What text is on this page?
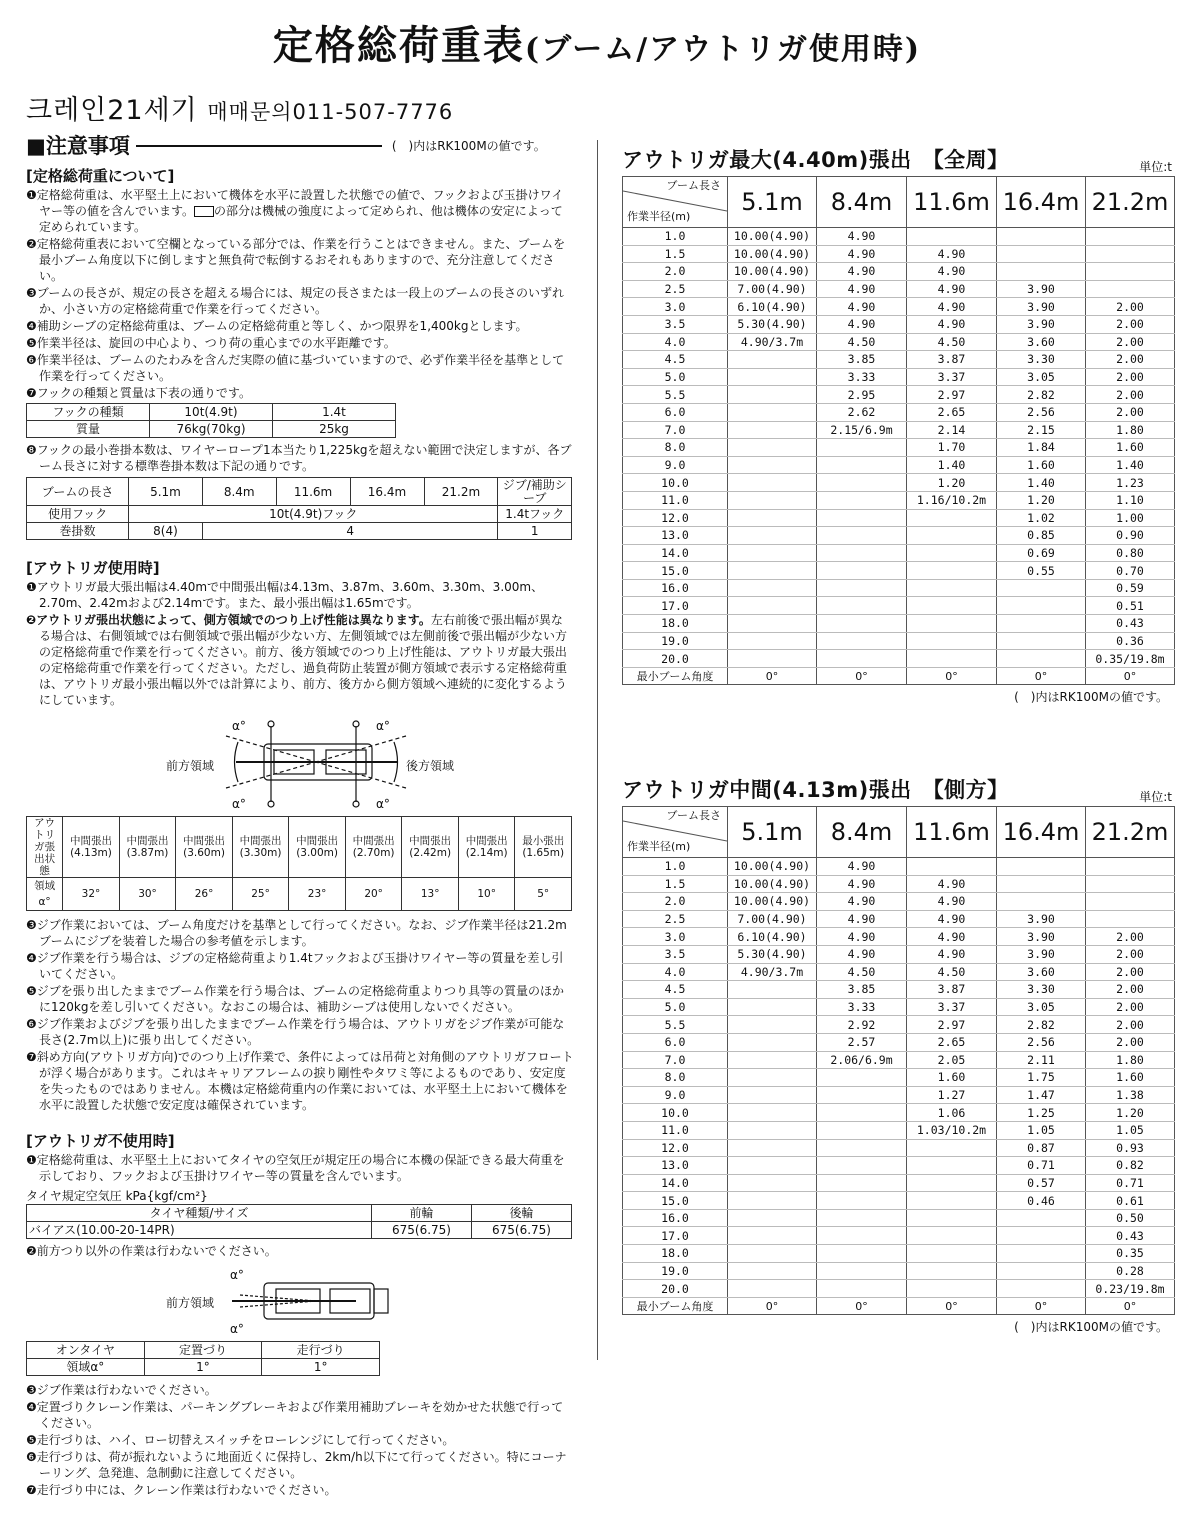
定格総荷重表(ブーム/アウトリガ使用時)
크레인21세기 매매문의011-507-7776
■注意事項	(　)内はRK100Mの値です。
[定格総荷重について]
❶定格総荷重は、水平堅土上において機体を水平に設置した状態での値で、フックおよび玉掛けワイヤー等の値を含んでいます。 の部分は機械の強度によって定められ、他は機体の安定によって定められています。
❷定格総荷重表において空欄となっている部分では、作業を行うことはできません。また、ブームを最小ブーム角度以下に倒しますと無負荷で転倒するおそれもありますので、充分注意してください。
❸ブームの長さが、規定の長さを超える場合には、規定の長さまたは一段上のブームの長さのいずれか、小さい方の定格総荷重で作業を行ってください。
❹補助シーブの定格総荷重は、ブームの定格総荷重と等しく、かつ限界を1,400kgとします。
❺作業半径は、旋回の中心より、つり荷の重心までの水平距離です。
❻作業半径は、ブームのたわみを含んだ実際の値に基づいていますので、必ず作業半径を基準として作業を行ってください。
❼フックの種類と質量は下表の通りです。
フックの種類	10t(4.9t)	1.4t
質量	76kg(70kg)	25kg
❽フックの最小巻掛本数は、ワイヤーロープ1本当たり1,225kgを超えない範囲で決定しますが、各ブーム長さに対する標準巻掛本数は下記の通りです。
ブームの長さ	5.1m	8.4m	11.6m	16.4m	21.2m	ジブ/補助シーブ
使用フック	10t(4.9t)フック					1.4tフック
巻掛数	8(4)	4				1
[アウトリガ使用時]
❶アウトリガ最大張出幅は4.40mで中間張出幅は4.13m、3.87m、3.60m、3.30m、3.00m、2.70m、2.42mおよび2.14mです。また、最小張出幅は1.65mです。
❷アウトリガ張出状態によって、側方領域でのつり上げ性能は異なります。左右前後で張出幅が異なる場合は、右側領域では右側領域で張出幅が少ない方、左側領域では左側前後で張出幅が少ない方の定格総荷重で作業を行ってください。前方、後方領域でのつり上げ性能は、アウトリガ最大張出の定格総荷重で作業を行ってください。ただし、過負荷防止装置が側方領域で表示する定格総荷重は、アウトリガ最小張出幅以外では計算により、前方、後方から側方領域へ連続的に変化するようにしています。
前方領域	後方領域
α°	α°
α°	α°
アウトリガ張出状態	中間張出(4.13m)	中間張出(3.87m)	中間張出(3.60m)	中間張出(3.30m)	中間張出(3.00m)	中間張出(2.70m)	中間張出(2.42m)	中間張出(2.14m)	最小張出(1.65m)
領域α°	32°	30°	26°	25°	23°	20°	13°	10°	5°
❸ジブ作業においては、ブーム角度だけを基準として行ってください。なお、ジブ作業半径は21.2mブームにジブを装着した場合の参考値を示します。
❹ジブ作業を行う場合は、ジブの定格総荷重より1.4tフックおよび玉掛けワイヤー等の質量を差し引いてください。
❺ジブを張り出したままでブーム作業を行う場合は、ブームの定格総荷重よりつり具等の質量のほかに120kgを差し引いてください。なおこの場合は、補助シーブは使用しないでください。
❻ジブ作業およびジブを張り出したままでブーム作業を行う場合は、アウトリガをジブ作業が可能な長さ(2.7m以上)に張り出してください。
❼斜め方向(アウトリガ方向)でのつり上げ作業で、条件によっては吊荷と対角側のアウトリガフロートが浮く場合があります。これはキャリアフレームの捩り剛性やタワミ等によるものであり、安定度を失ったものではありません。本機は定格総荷重内の作業においては、水平堅土上において機体を水平に設置した状態で安定度は確保されています。
[アウトリガ不使用時]
❶定格総荷重は、水平堅土上においてタイヤの空気圧が規定圧の場合に本機の保証できる最大荷重を示しており、フックおよび玉掛けワイヤー等の質量を含んでいます。
タイヤ規定空気圧 kPa{kgf/cm²}
タイヤ種類/サイズ	前輪	後輪
バイアス(10.00-20-14PR)	675(6.75)	675(6.75)
❷前方つり以外の作業は行わないでください。
前方領域
α°
α°
オンタイヤ	定置づり	走行づり
領域α°	1°	1°
❸ジブ作業は行わないでください。
❹定置づりクレーン作業は、パーキングブレーキおよび作業用補助ブレーキを効かせた状態で行ってください。
❺走行づりは、ハイ、ロー切替えスイッチをローレンジにして行ってください。
❻走行づりは、荷が振れないように地面近くに保持し、2km/h以下にて行ってください。特にコーナーリング、急発進、急制動に注意してください。
❼走行づり中には、クレーン作業は行わないでください。
アウトリガ最大(4.40m)張出　【全周】	単位:t
ブーム長さ
作業半径(m)	5.1m	8.4m	11.6m	16.4m	21.2m
1.0	10.00(4.90)	4.90			
1.5	10.00(4.90)	4.90	4.90		
2.0	10.00(4.90)	4.90	4.90		
2.5	7.00(4.90)	4.90	4.90	3.90	
3.0	6.10(4.90)	4.90	4.90	3.90	2.00
3.5	5.30(4.90)	4.90	4.90	3.90	2.00
4.0	4.90/3.7m	4.50	4.50	3.60	2.00
4.5		3.85	3.87	3.30	2.00
5.0		3.33	3.37	3.05	2.00
5.5		2.95	2.97	2.82	2.00
6.0		2.62	2.65	2.56	2.00
7.0		2.15/6.9m	2.14	2.15	1.80
8.0			1.70	1.84	1.60
9.0			1.40	1.60	1.40
10.0			1.20	1.40	1.23
11.0			1.16/10.2m	1.20	1.10
12.0				1.02	1.00
13.0				0.85	0.90
14.0				0.69	0.80
15.0				0.55	0.70
16.0					0.59
17.0					0.51
18.0					0.43
19.0					0.36
20.0					0.35/19.8m
最小ブーム角度	0°	0°	0°	0°	0°
(　)内はRK100Mの値です。
アウトリガ中間(4.13m)張出　【側方】	単位:t
ブーム長さ
作業半径(m)	5.1m	8.4m	11.6m	16.4m	21.2m
1.0	10.00(4.90)	4.90			
1.5	10.00(4.90)	4.90	4.90		
2.0	10.00(4.90)	4.90	4.90		
2.5	7.00(4.90)	4.90	4.90	3.90	
3.0	6.10(4.90)	4.90	4.90	3.90	2.00
3.5	5.30(4.90)	4.90	4.90	3.90	2.00
4.0	4.90/3.7m	4.50	4.50	3.60	2.00
4.5		3.85	3.87	3.30	2.00
5.0		3.33	3.37	3.05	2.00
5.5		2.92	2.97	2.82	2.00
6.0		2.57	2.65	2.56	2.00
7.0		2.06/6.9m	2.05	2.11	1.80
8.0			1.60	1.75	1.60
9.0			1.27	1.47	1.38
10.0			1.06	1.25	1.20
11.0			1.03/10.2m	1.05	1.05
12.0				0.87	0.93
13.0				0.71	0.82
14.0				0.57	0.71
15.0				0.46	0.61
16.0					0.50
17.0					0.43
18.0					0.35
19.0					0.28
20.0					0.23/19.8m
最小ブーム角度	0°	0°	0°	0°	0°
(　)内はRK100Mの値です。
